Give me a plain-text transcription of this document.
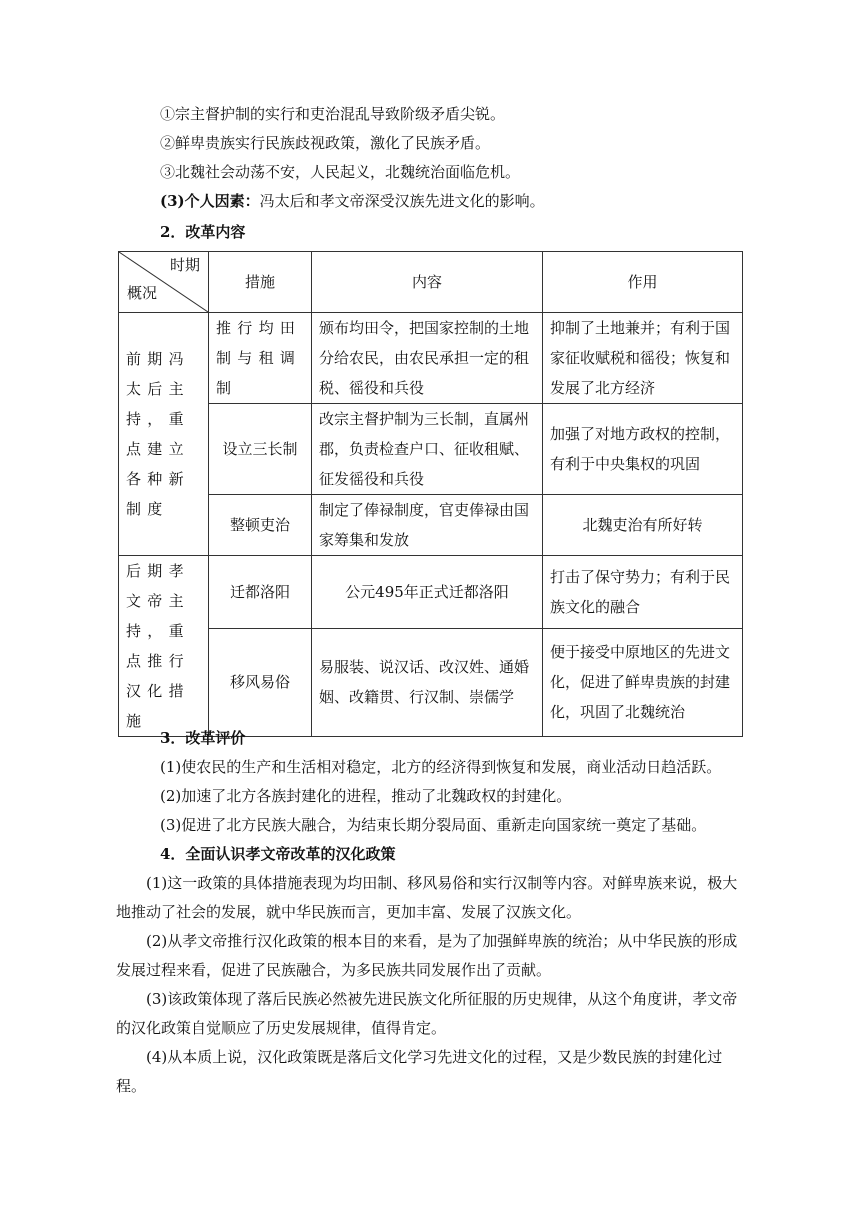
①宗主督护制的实行和吏治混乱导致阶级矛盾尖锐。
②鲜卑贵族实行民族歧视政策，激化了民族矛盾。
③北魏社会动荡不安，人民起义，北魏统治面临危机。
(3)个人因素：冯太后和孝文帝深受汉族先进文化的影响。
2．改革内容
时期
概况	措施	内容	作用
前期冯太后主持，重点建立各种新制度	推行均田制与租调制	颁布均田令，把国家控制的土地分给农民，由农民承担一定的租税、徭役和兵役	抑制了土地兼并；有利于国家征收赋税和徭役；恢复和发展了北方经济
	设立三长制	改宗主督护制为三长制，直属州郡，负责检查户口、征收租赋、征发徭役和兵役	加强了对地方政权的控制，有利于中央集权的巩固
	整顿吏治	制定了俸禄制度，官吏俸禄由国家筹集和发放	北魏吏治有所好转
后期孝文帝主持，重点推行汉化措施	迁都洛阳	公元495年正式迁都洛阳	打击了保守势力；有利于民族文化的融合
	移风易俗	易服装、说汉话、改汉姓、通婚姻、改籍贯、行汉制、崇儒学	便于接受中原地区的先进文化，促进了鲜卑贵族的封建化，巩固了北魏统治
3．改革评价
(1)使农民的生产和生活相对稳定，北方的经济得到恢复和发展，商业活动日趋活跃。
(2)加速了北方各族封建化的进程，推动了北魏政权的封建化。
(3)促进了北方民族大融合，为结束长期分裂局面、重新走向国家统一奠定了基础。
4．全面认识孝文帝改革的汉化政策

(1)这一政策的具体措施表现为均田制、移风易俗和实行汉制等内容。对鲜卑族来说，极大地推动了社会的发展，就中华民族而言，更加丰富、发展了汉族文化。

(2)从孝文帝推行汉化政策的根本目的来看，是为了加强鲜卑族的统治；从中华民族的形成发展过程来看，促进了民族融合，为多民族共同发展作出了贡献。

(3)该政策体现了落后民族必然被先进民族文化所征服的历史规律，从这个角度讲，孝文帝的汉化政策自觉顺应了历史发展规律，值得肯定。

(4)从本质上说，汉化政策既是落后文化学习先进文化的过程，又是少数民族的封建化过程。
